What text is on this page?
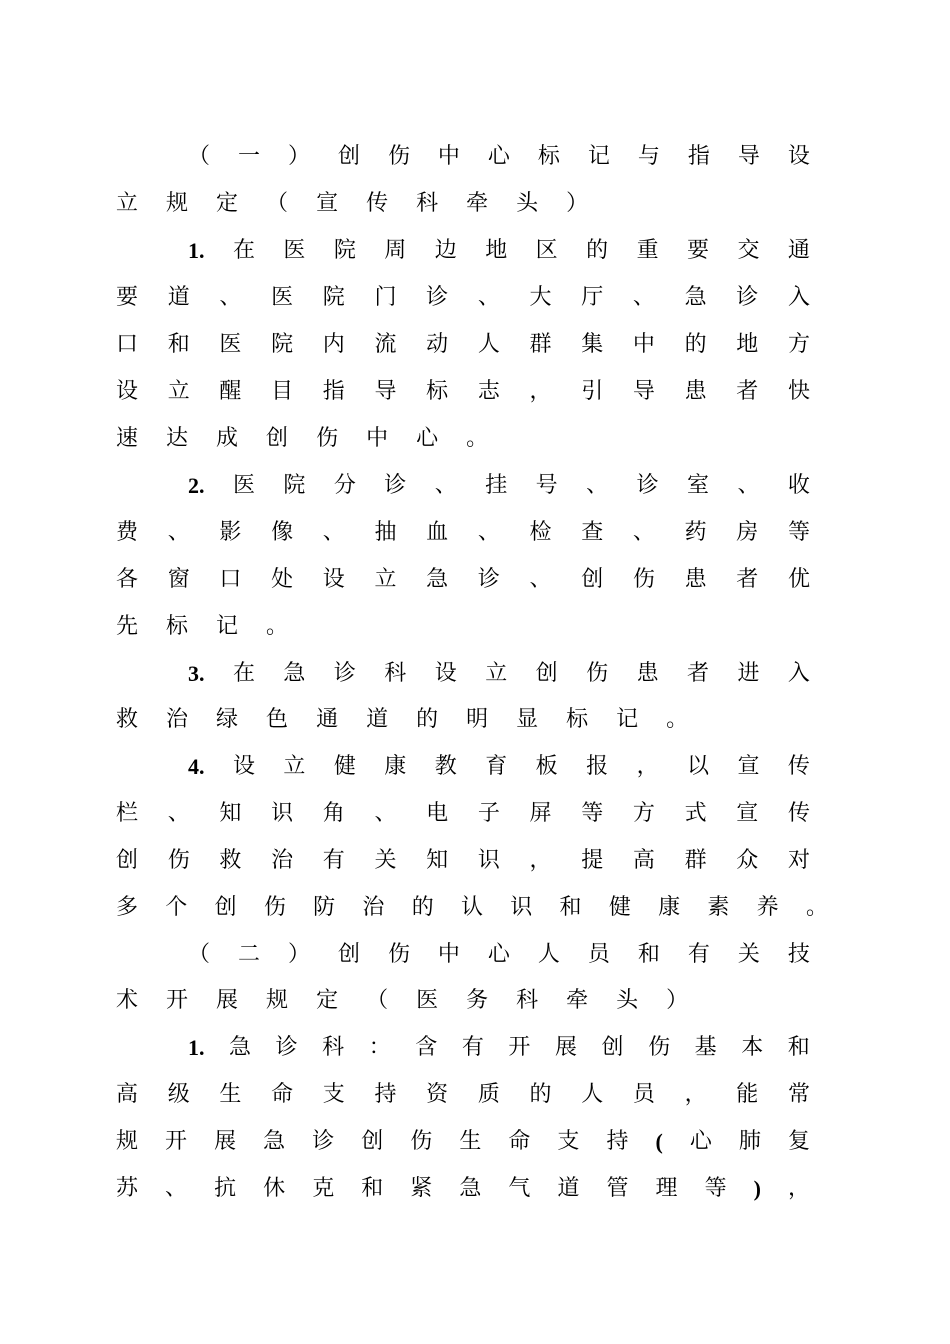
（ 一 ） 创 伤 中 心 标 记 与 指 导 设
立 规 定 （ 宣 传 科 牵 头 ）
1. 在 医 院 周 边 地 区 的 重 要 交 通
要 道 、 医 院 门 诊 、 大 厅 、 急 诊 入
口 和 医 院 内 流 动 人 群 集 中 的 地 方
设 立 醒 目 指 导 标 志 ， 引 导 患 者 快
速 达 成 创 伤 中 心 。
2. 医 院 分 诊 、 挂 号 、 诊 室 、 收
费 、 影 像 、 抽 血 、 检 查 、 药 房 等
各 窗 口 处 设 立 急 诊 、 创 伤 患 者 优
先 标 记 。
3. 在 急 诊 科 设 立 创 伤 患 者 进 入
救 治 绿 色 通 道 的 明 显 标 记 。
4. 设 立 健 康 教 育 板 报 ， 以 宣 传
栏 、 知 识 角 、 电 子 屏 等 方 式 宣 传
创 伤 救 治 有 关 知 识 ， 提 高 群 众 对
多 个 创 伤 防 治 的 认 识 和 健 康 素 养 。
（ 二 ） 创 伤 中 心 人 员 和 有 关 技
术 开 展 规 定 （ 医 务 科 牵 头 ）
1. 急 诊 科 ： 含 有 开 展 创 伤 基 本 和
高 级 生 命 支 持 资 质 的 人 员 ， 能 常
规 开 展 急 诊 创 伤 生 命 支 持 ( 心 肺 复
苏 、 抗 休 克 和 紧 急 气 道 管 理 等 ) ，
